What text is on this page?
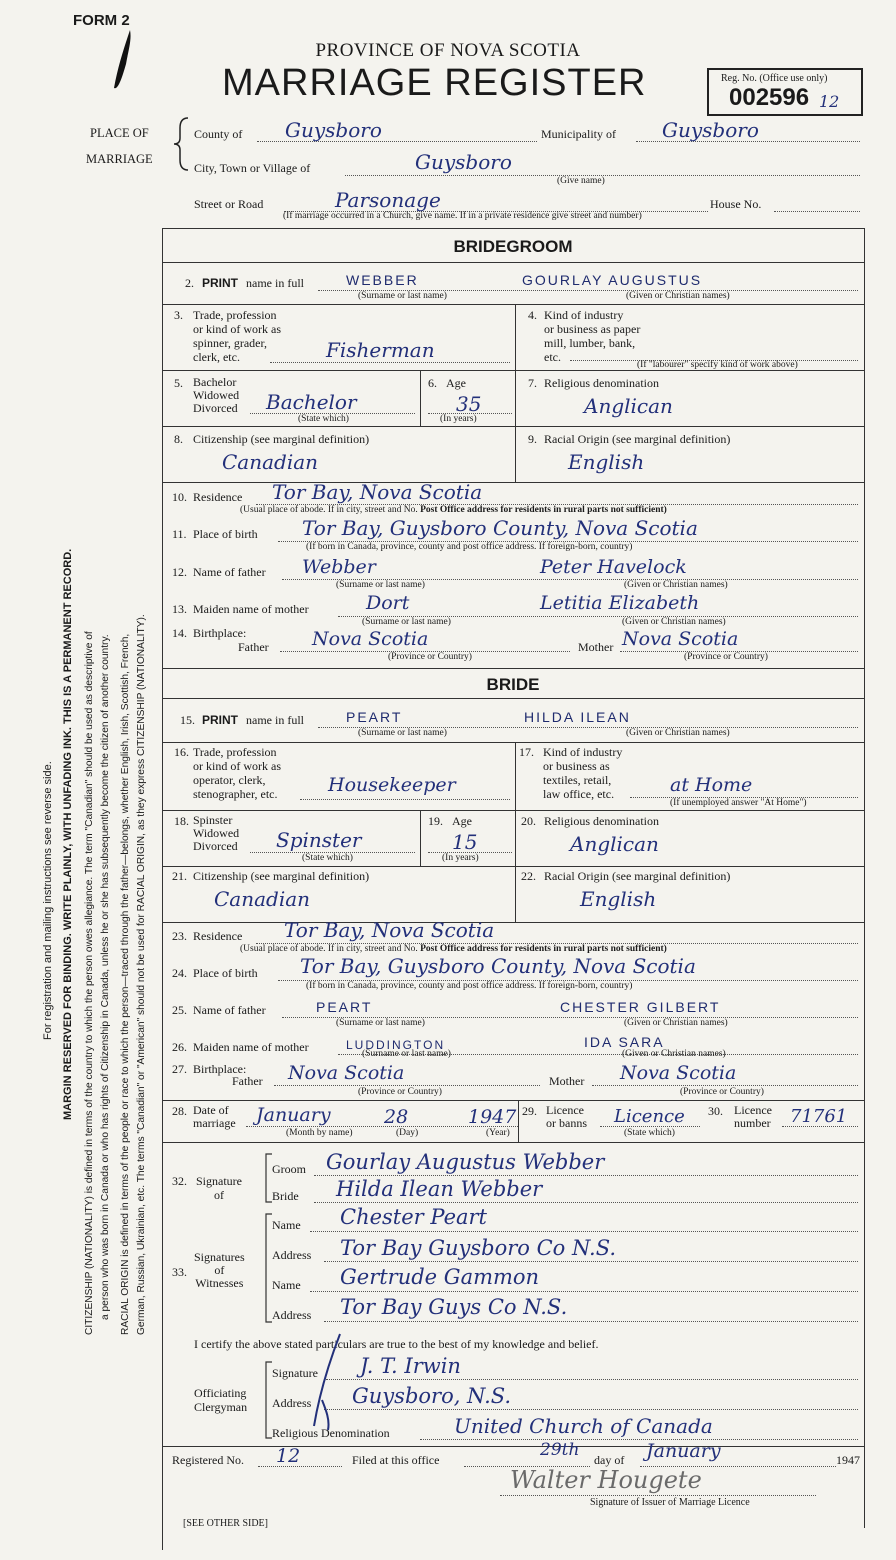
For registration and mailing instructions see reverse side. MARGIN RESERVED FOR BINDING. WRITE PLAINLY, WITH UNFADING INK. THIS IS A PERMANENT RECORD. CITIZENSHIP (NATIONALITY) is defined in terms of the country to which the person owes allegiance. The term "Canadian" should be used as descriptive of a person who was born in Canada or who has rights of Citizenship in Canada, unless he or she has subsequently become the citizen of another country. RACIAL ORIGIN is defined in terms of the people or race to which the person—traced through the father—belongs, whether English, Irish, Scottish, French, German, Russian, Ukrainian, etc. The terms "Canadian" or "American" should not be used for RACIAL ORIGIN, as they express CITIZENSHIP (NATIONALITY).
FORM 2
PROVINCE OF NOVA SCOTIA
MARRIAGE REGISTER	Reg. No. (Office use only)
002596 12
PLACE OF
MARRIAGE
County of Guysboro	Municipality of Guysboro
City, Town or Village of	Guysboro
(Give name)
Street or Road	Parsonage	House No.
(If marriage occurred in a Church, give name. If in a private residence give street and number)
BRIDEGROOM
2. PRINT name in full	WEBBER	GOURLAY AUGUSTUS
(Surname or last name)	(Given or Christian names)
3. Trade, profession
or kind of work as
spinner, grader,
clerk, etc.	Fisherman
4. Kind of industry
or business as paper
mill, lumber, bank,
etc.
(If "labourer" specify kind of work above)
5. Bachelor
Widowed
Divorced Bachelor
(State which)
6. Age
35
(In years)
7. Religious denomination
Anglican
8. Citizenship (see marginal definition)
Canadian
9. Racial Origin (see marginal definition)
English
10. Residence Tor Bay, Nova Scotia
(Usual place of abode. If in city, street and No. Post Office address for residents in rural parts not sufficient)
11. Place of birth Tor Bay, Guysboro County, Nova Scotia
(If born in Canada, province, county and post office address. If foreign-born, country)
12. Name of father Webber	Peter Havelock
(Surname or last name)	(Given or Christian names)
13. Maiden name of mother	Dort	Letitia Elizabeth
(Surname or last name)	(Given or Christian names)
14. Birthplace:
Father Nova Scotia
(Province or Country)
Mother Nova Scotia
(Province or Country)
BRIDE
15. PRINT name in full	PEART	HILDA ILEAN
(Surname or last name)	(Given or Christian names)
16. Trade, profession
or kind of work as
operator, clerk,
stenographer, etc.	Housekeeper
17. Kind of industry
or business as
textiles, retail,
law office, etc.	at Home
(If unemployed answer "At Home")
18. Spinster
Widowed
Divorced Spinster
(State which)
19. Age
15
(In years)
20. Religious denomination
Anglican
21. Citizenship (see marginal definition)
Canadian
22. Racial Origin (see marginal definition)
English
23. Residence Tor Bay, Nova Scotia
(Usual place of abode. If in city, street and No. Post Office address for residents in rural parts not sufficient)
24. Place of birth Tor Bay, Guysboro County, Nova Scotia
(If born in Canada, province, county and post office address. If foreign-born, country)
25. Name of father	PEART	CHESTER GILBERT
(Surname or last name)	(Given or Christian names)
26. Maiden name of mother	LUDDINGTON	IDA SARA
(Surname or last name)	(Given or Christian names)
27. Birthplace:
Father Nova Scotia
(Province or Country)
Mother Nova Scotia
(Province or Country)
28. Date of
marriage January	28	1947
(Month by name)	(Day)	(Year)
29. Licence
or banns Licence
(State which)
30. Licence
number 71761
32. Signature
of
Groom Gourlay Augustus Webber
Bride Hilda Ilean Webber
33.
Signatures
of
Witnesses
Name Chester Peart
Address Tor Bay Guysboro Co N.S.
Name Gertrude Gammon
Address Tor Bay Guys Co N.S.
I certify the above stated particulars are true to the best of my knowledge and belief.
Officiating
Clergyman
Signature J. T. Irwin
Address Guysboro, N.S.
Religious Denomination	United Church of Canada
Registered No. 12	Filed at this office	29th day of January	1947
Walter Hougete
Signature of Issuer of Marriage Licence
[SEE OTHER SIDE]
